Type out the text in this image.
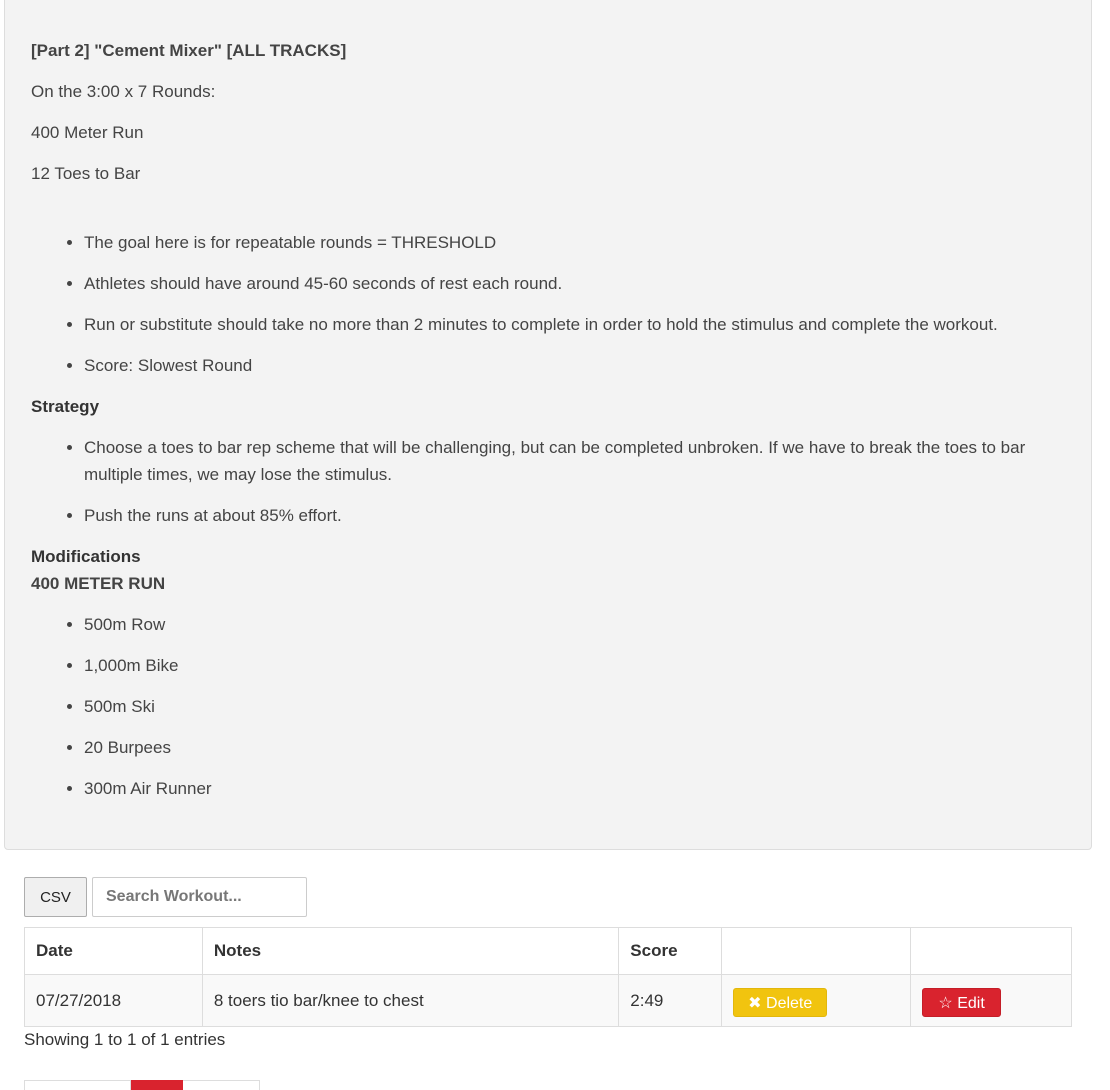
[Part 2] "Cement Mixer" [ALL TRACKS]

On the 3:00 x 7 Rounds:

400 Meter Run

12 Toes to Bar

• The goal here is for repeatable rounds = THRESHOLD
• Athletes should have around 45-60 seconds of rest each round.
• Run or substitute should take no more than 2 minutes to complete in order to hold the stimulus and complete the workout.
• Score: Slowest Round

Strategy

• Choose a toes to bar rep scheme that will be challenging, but can be completed unbroken. If we have to break the toes to bar multiple times, we may lose the stimulus.
• Push the runs at about 85% effort.

Modifications

400 METER RUN

• 500m Row
• 1,000m Bike
• 500m Ski
• 20 Burpees
• 300m Air Runner
CSV
Search Workout...
Date	Notes	Score		
07/27/2018	8 toers tio bar/knee to chest	2:49	✖ Delete	☆ Edit
Showing 1 to 1 of 1 entries
